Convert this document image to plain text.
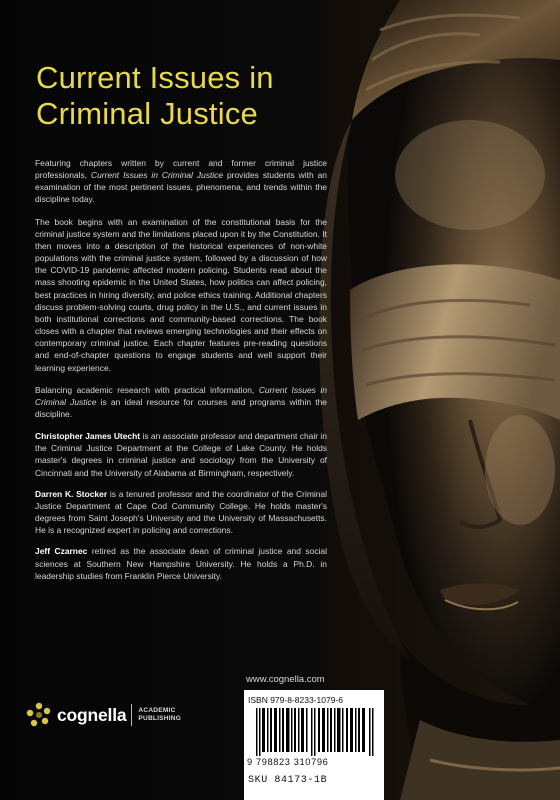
Current Issues in
Criminal Justice

Featuring chapters written by current and former criminal justice professionals, Current Issues in Criminal Justice provides students with an examination of the most pertinent issues, phenomena, and trends within the discipline today.

The book begins with an examination of the constitutional basis for the criminal justice system and the limitations placed upon it by the Constitution. It then moves into a description of the historical experiences of non-white populations with the criminal justice system, followed by a discussion of how the COVID-19 pandemic affected modern policing. Students read about the mass shooting epidemic in the United States, how politics can affect policing, best practices in hiring diversity, and police ethics training. Additional chapters discuss problem-solving courts, drug policy in the U.S., and current issues in both institutional corrections and community-based corrections. The book closes with a chapter that reviews emerging technologies and their effects on contemporary criminal justice. Each chapter features pre-reading questions and end-of-chapter questions to engage students and well support their learning experience.

Balancing academic research with practical information, Current Issues in Criminal Justice is an ideal resource for courses and programs within the discipline.

Christopher James Utecht is an associate professor and department chair in the Criminal Justice Department at the College of Lake County. He holds master's degrees in criminal justice and sociology from the University of Cincinnati and the University of Alabama at Birmingham, respectively.

Darren K. Stocker is a tenured professor and the coordinator of the Criminal Justice Department at Cape Cod Community College. He holds master's degrees from Saint Joseph's University and the University of Massachusetts. He is a recognized expert in policing and corrections.

Jeff Czarnec retired as the associate dean of criminal justice and social sciences at Southern New Hampshire University. He holds a Ph.D. in leadership studies from Franklin Pierce University.

www.cognella.com
cognella ACADEMIC
PUBLISHING
ISBN 979-8-8233-1079-6
9 798823 310796
SKU 84173-1B
